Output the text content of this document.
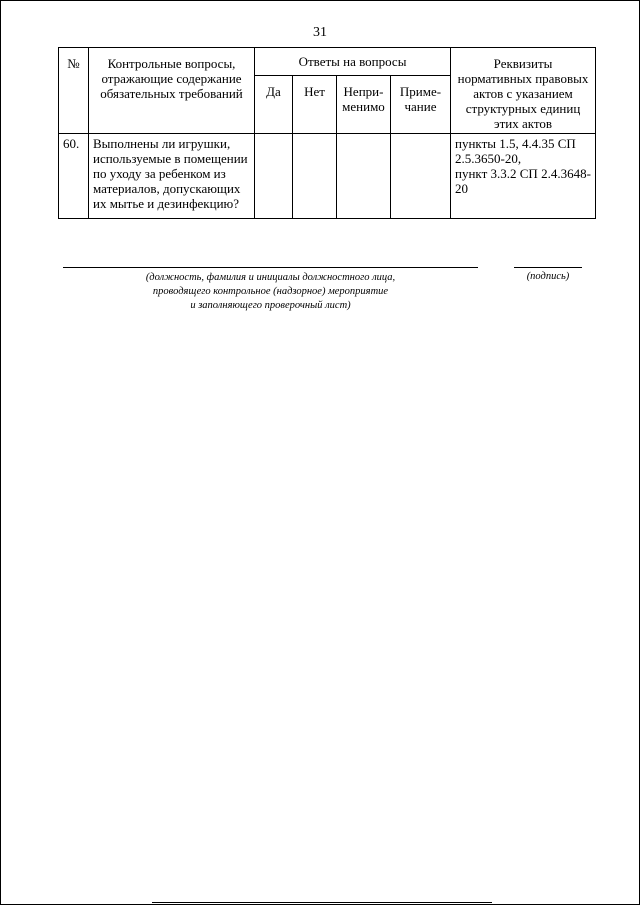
31
№	Контрольные вопросы, отражающие содержание обязательных требований	Ответы на вопросы				Реквизиты нормативных правовых актов с указанием структурных единиц этих актов
		Да	Нет	Непри-менимо	Приме-чание	
60.	Выполнены ли игрушки, используемые в помещении по уходу за ребенком из материалов, допускающих их мытье и дезинфекцию?					пункты 1.5, 4.4.35 СП 2.5.3650-20,
пункт 3.3.2 СП 2.4.3648-20
(должность, фамилия и инициалы должностного лица,
проводящего контрольное (надзорное) мероприятие
и заполняющего проверочный лист)
(подпись)
